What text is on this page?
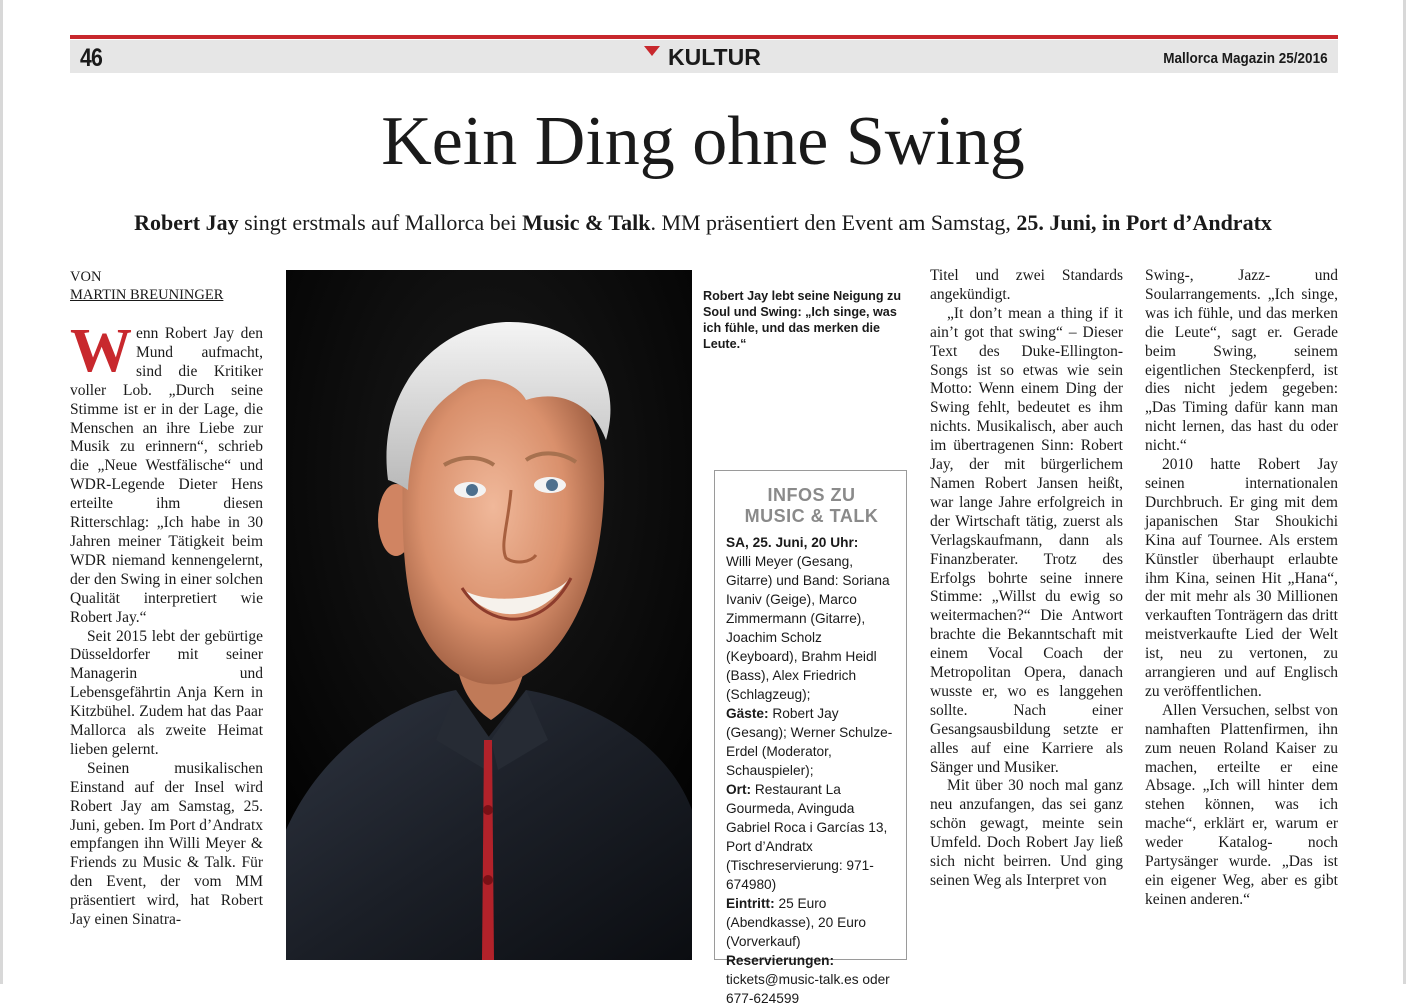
46	KULTUR	Mallorca Magazin 25/2016
Kein Ding ohne Swing
Robert Jay singt erstmals auf Mallorca bei Music & Talk. MM präsentiert den Event am Samstag, 25. Juni, in Port d’Andratx
VON
MARTIN BREUNINGER

Wenn Robert Jay den Mund aufmacht, sind die Kritiker voller Lob. „Durch seine Stimme ist er in der Lage, die Menschen an ihre Liebe zur Musik zu erinnern“, schrieb die „Neue Westfälische“ und WDR-Legende Dieter Hens erteilte ihm diesen Ritterschlag: „Ich habe in 30 Jahren meiner Tätigkeit beim WDR niemand kennengelernt, der den Swing in einer solchen Qualität interpretiert wie Robert Jay.“

Seit 2015 lebt der gebürtige Düsseldorfer mit seiner Managerin und Lebensgefährtin Anja Kern in Kitzbühel. Zudem hat das Paar Mallorca als zweite Heimat lieben gelernt.

Seinen musikalischen Einstand auf der Insel wird Robert Jay am Samstag, 25. Juni, geben. Im Port d’Andratx empfangen ihn Willi Meyer & Friends zu Music & Talk. Für den Event, der vom MM präsentiert wird, hat Robert Jay einen Sinatra-

Robert Jay lebt seine Neigung zu Soul und Swing: „Ich singe, was ich fühle, und das merken die Leute.“
INFOS ZU
MUSIC & TALK

SA, 25. Juni, 20 Uhr:

Willi Meyer (Gesang, Gitarre) und Band: Soriana Ivaniv (Geige), Marco Zimmermann (Gitarre), Joachim Scholz (Keyboard), Brahm Heidl (Bass), Alex Friedrich (Schlagzeug);

Gäste: Robert Jay (Gesang); Werner Schulze-Erdel (Moderator, Schauspieler);

Ort: Restaurant La Gourmeda, Avinguda Gabriel Roca i Garcías 13, Port d’Andratx (Tischreservierung: 971-674980)

Eintritt: 25 Euro (Abendkasse), 20 Euro (Vorverkauf)

Reservierungen:

tickets@music-talk.es oder 677-624599

Titel und zwei Standards angekündigt.

„It don’t mean a thing if it ain’t got that swing“ – Dieser Text des Duke-Ellington-Songs ist so etwas wie sein Motto: Wenn einem Ding der Swing fehlt, bedeutet es ihm nichts. Musikalisch, aber auch im übertragenen Sinn: Robert Jay, der mit bürgerlichem Namen Robert Jansen heißt, war lange Jahre erfolgreich in der Wirtschaft tätig, zuerst als Verlagskaufmann, dann als Finanzberater. Trotz des Erfolgs bohrte seine innere Stimme: „Willst du ewig so weitermachen?“ Die Antwort brachte die Bekanntschaft mit einem Vocal Coach der Metropolitan Opera, danach wusste er, wo es langgehen sollte. Nach einer Gesangsausbildung setzte er alles auf eine Karriere als Sänger und Musiker.

Mit über 30 noch mal ganz neu anzufangen, das sei ganz schön gewagt, meinte sein Umfeld. Doch Robert Jay ließ sich nicht beirren. Und ging seinen Weg als Interpret von

Swing-, Jazz- und Soularrangements. „Ich singe, was ich fühle, und das merken die Leute“, sagt er. Gerade beim Swing, seinem eigentlichen Steckenpferd, ist dies nicht jedem gegeben: „Das Timing dafür kann man nicht lernen, das hast du oder nicht.“

2010 hatte Robert Jay seinen internationalen Durchbruch. Er ging mit dem japanischen Star Shoukichi Kina auf Tournee. Als erstem Künstler überhaupt erlaubte ihm Kina, seinen Hit „Hana“, der mit mehr als 30 Millionen verkauften Tonträgern das dritt meistverkaufte Lied der Welt ist, neu zu vertonen, zu arrangieren und auf Englisch zu veröffentlichen.

Allen Versuchen, selbst von namhaften Plattenfirmen, ihn zum neuen Roland Kaiser zu machen, erteilte er eine Absage. „Ich will hinter dem stehen können, was ich mache“, erklärt er, warum er weder Katalog- noch Partysänger wurde. „Das ist ein eigener Weg, aber es gibt keinen anderen.“
